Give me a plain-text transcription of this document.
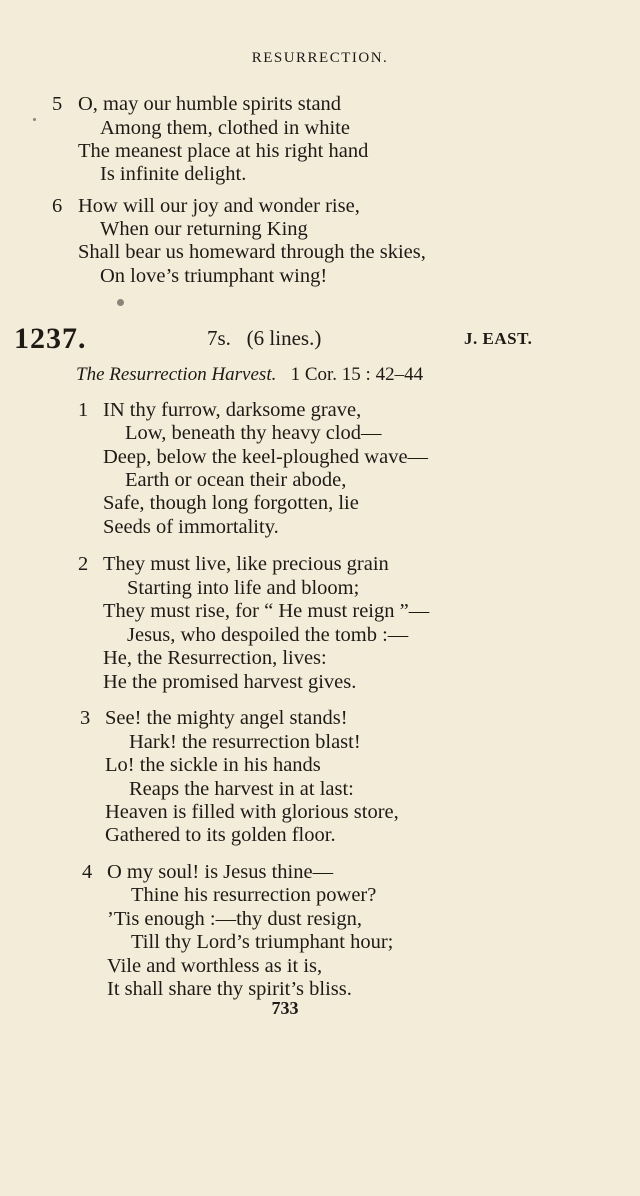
RESURRECTION.
5 O, may our humble spirits stand
Among them, clothed in white
The meanest place at his right hand
Is infinite delight.
6 How will our joy and wonder rise,
When our returning King
Shall bear us homeward through the skies,
On love’s triumphant wing!
1237.	7s.   (6 lines.)	J. EAST.
The Resurrection Harvest. 1 Cor. 15 : 42–44
1 IN thy furrow, darksome grave,
Low, beneath thy heavy clod—
Deep, below the keel-ploughed wave—
Earth or ocean their abode,
Safe, though long forgotten, lie
Seeds of immortality.
2 They must live, like precious grain
Starting into life and bloom;
They must rise, for “ He must reign ”—
Jesus, who despoiled the tomb :—
He, the Resurrection, lives:
He the promised harvest gives.
3 See! the mighty angel stands!
Hark! the resurrection blast!
Lo! the sickle in his hands
Reaps the harvest in at last:
Heaven is filled with glorious store,
Gathered to its golden floor.
4 O my soul! is Jesus thine—
Thine his resurrection power?
’Tis enough :—thy dust resign,
Till thy Lord’s triumphant hour;
Vile and worthless as it is,
It shall share thy spirit’s bliss.
733
